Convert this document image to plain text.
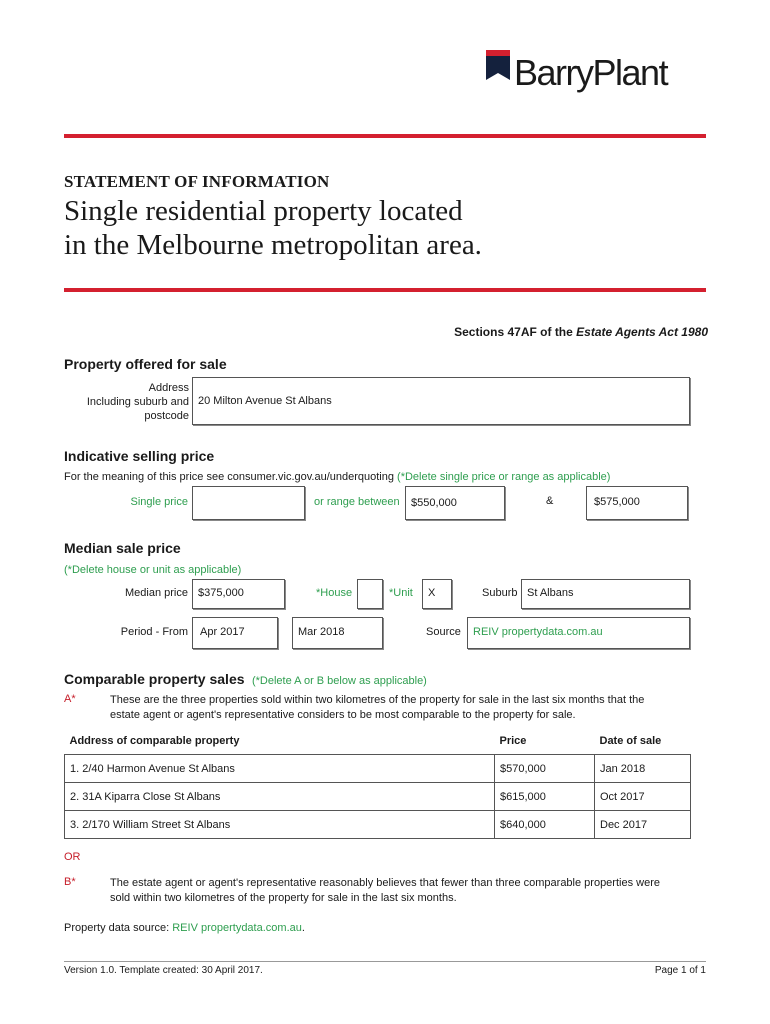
BarryPlant
STATEMENT OF INFORMATION
Single residential property located
in the Melbourne metropolitan area.
Sections 47AF of the Estate Agents Act 1980
Property offered for sale
Address
Including suburb and
postcode
20 Milton Avenue St Albans
Indicative selling price
For the meaning of this price see consumer.vic.gov.au/underquoting (*Delete single price or range as applicable)
Single price	or range between	$550,000	&	$575,000
Median sale price
(*Delete house or unit as applicable)
Median price $375,000	*House	*Unit	X	Suburb St Albans
Period - From	Apr 2017	Mar 2018	Source	REIV propertydata.com.au
Comparable property sales (*Delete A or B below as applicable)
A*	These are the three properties sold within two kilometres of the property for sale in the last six months that the
estate agent or agent's representative considers to be most comparable to the property for sale.
Address of comparable property	Price	Date of sale
1. 2/40 Harmon Avenue St Albans	$570,000	Jan 2018
2. 31A Kiparra Close St Albans	$615,000	Oct 2017
3. 2/170 William Street St Albans	$640,000	Dec 2017
OR
B*	The estate agent or agent's representative reasonably believes that fewer than three comparable properties were
sold within two kilometres of the property for sale in the last six months.
Property data source: REIV propertydata.com.au.
Version 1.0. Template created: 30 April 2017.	Page 1 of 1
